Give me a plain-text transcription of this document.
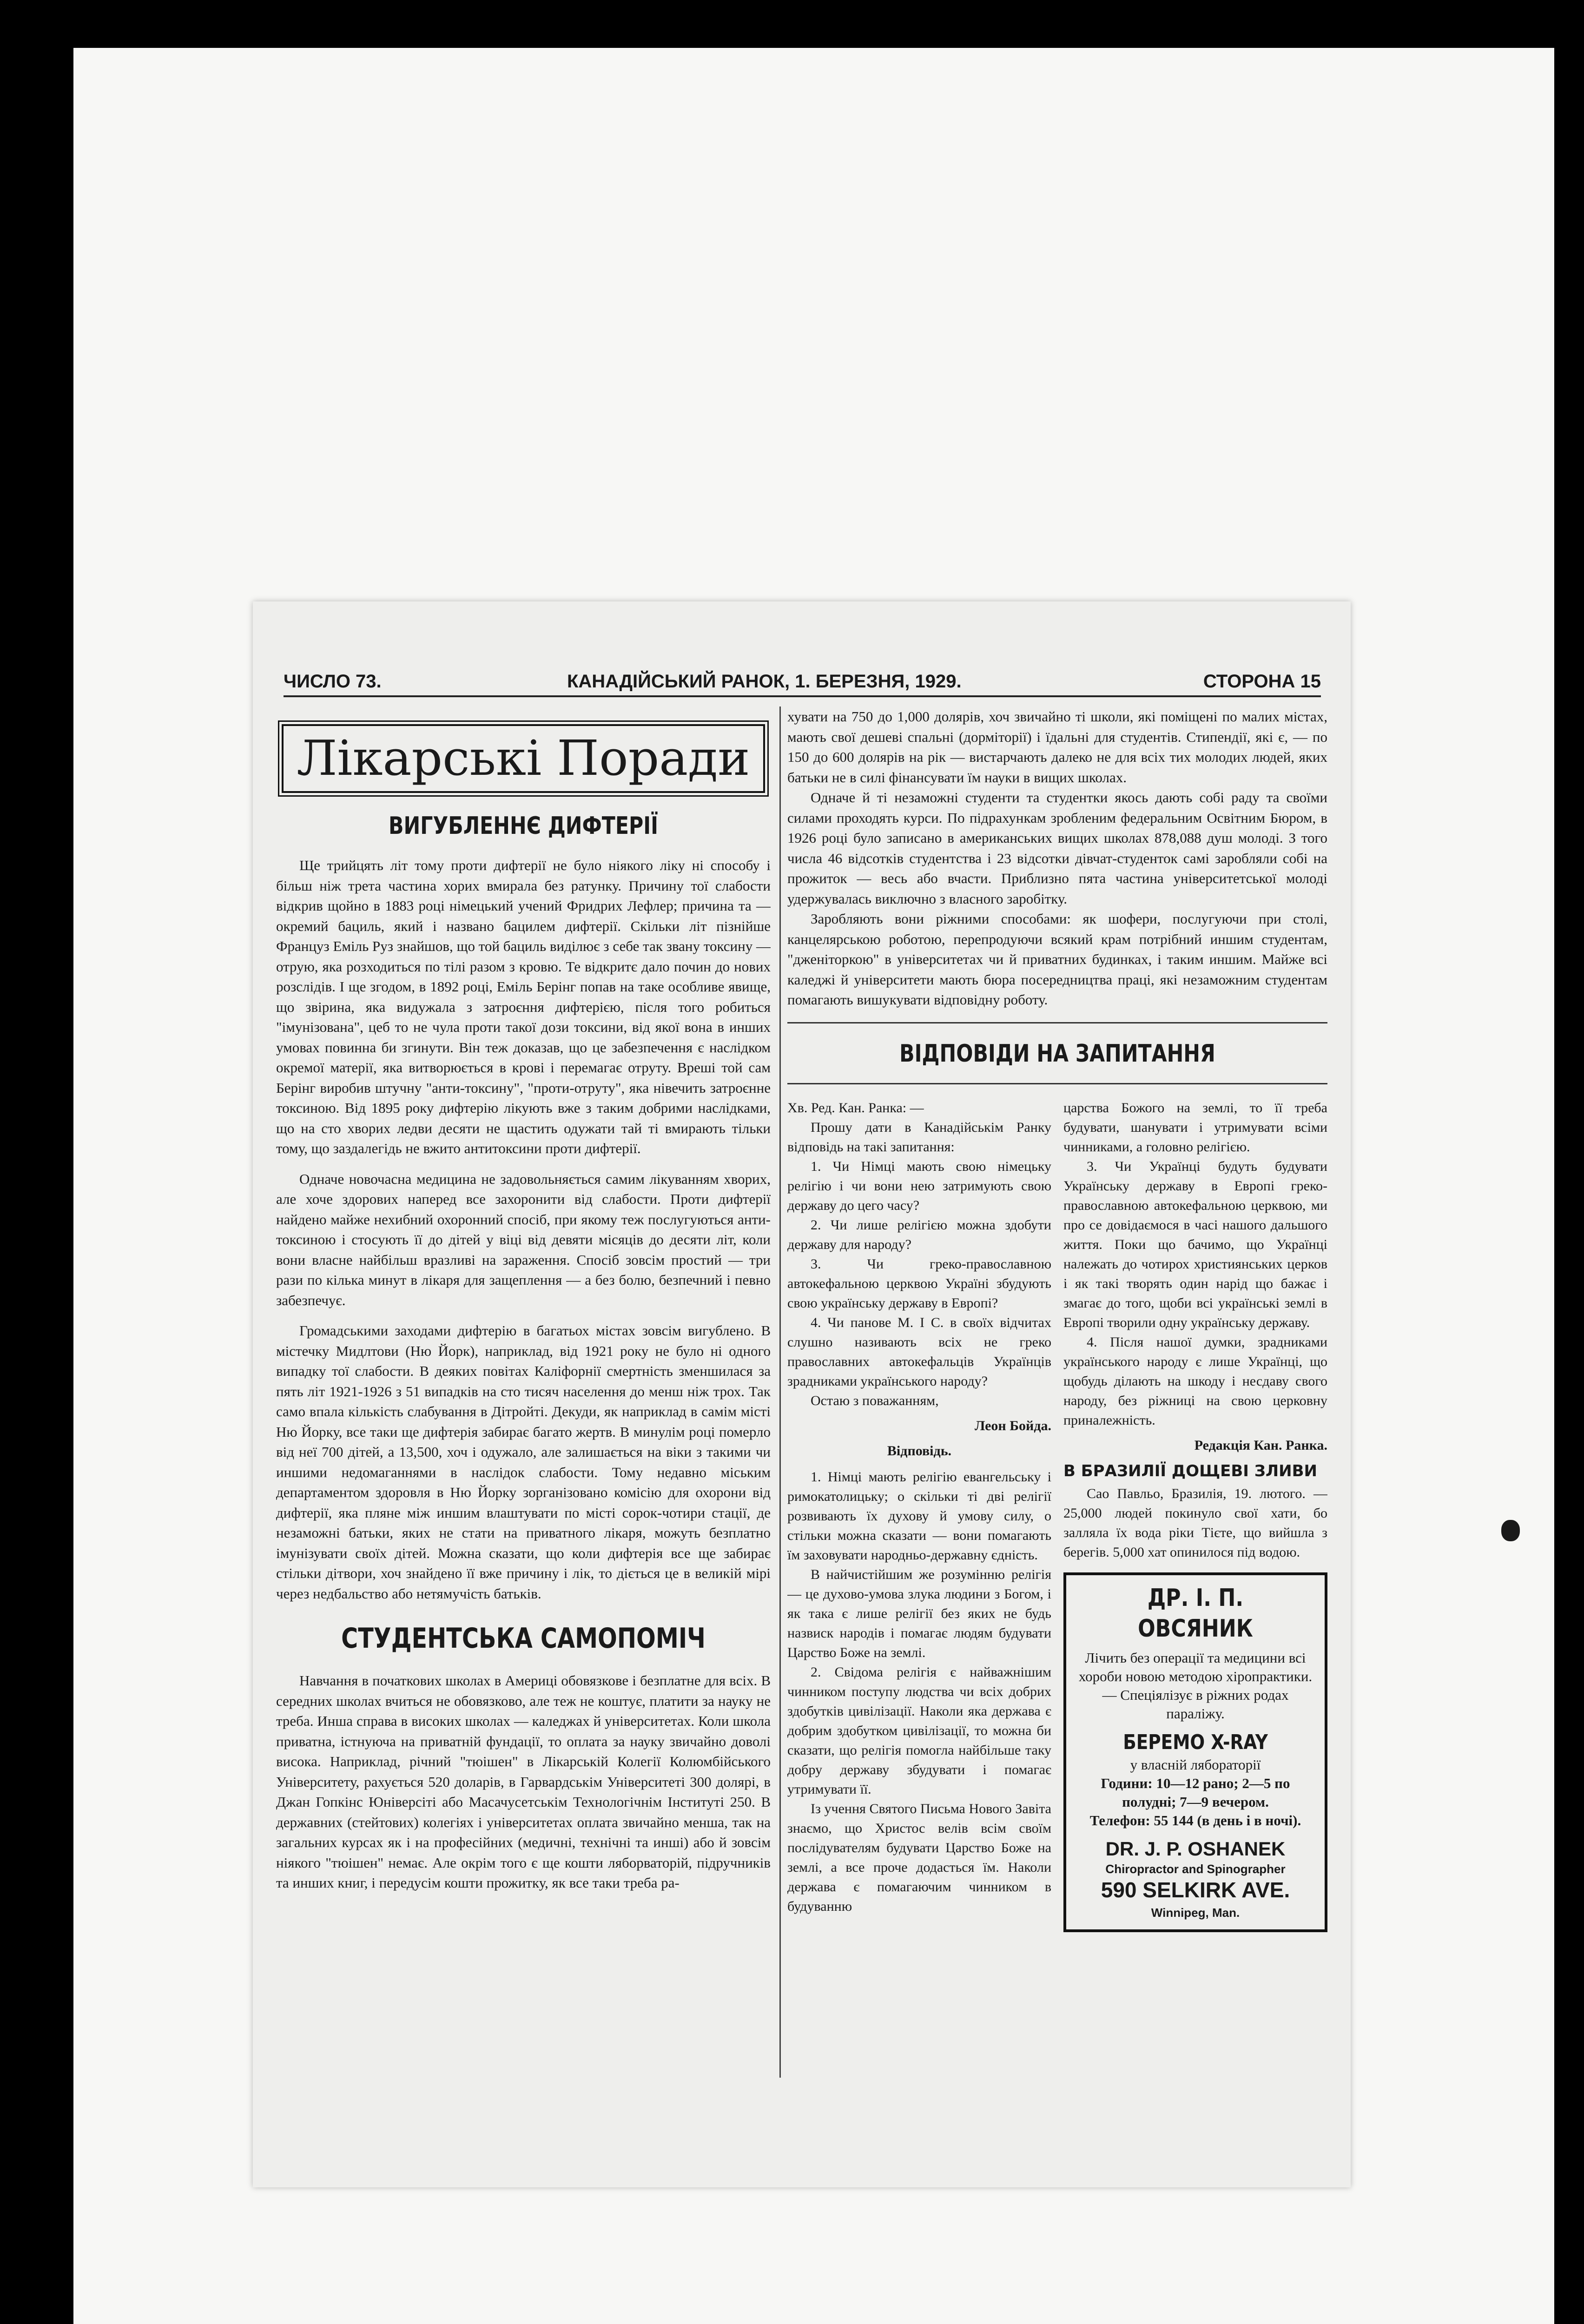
ЧИСЛО 73.	КАНАДІЙСЬКИЙ РАНОК, 1. БЕРЕЗНЯ, 1929.	СТОРОНА 15
Лікарські Поради
ВИГУБЛЕННЄ ДИФТЕРІЇ

Ще трийцять літ тому проти дифтерії не було ніякого ліку ні способу і більш ніж трета частина хорих вмирала без ратунку. Причину тої слабости відкрив щойно в 1883 році німецький учений Фридрих Лефлер; причина та — окремий бациль, який і названо бацилем дифтерії. Скільки літ пізнійше Француз Еміль Руз знайшов, що той бациль видiлює з себе так звану токсину — отрую, яка розходиться по тілі разом з кровю. Те відкритє дало почин до нових розслідів. І ще згодом, в 1892 році, Еміль Берінг попав на таке особливе явище, що звірина, яка видужала з затроєння дифтерією, після того робиться "імунізована", цеб то не чула проти такої дози токсини, від якої вона в инших умовах повинна би згинути. Він теж доказав, що це забезпечення є наслідком окремої матерії, яка витворюється в крові і перемагає отруту. Вреші той сам Берінг виробив штучну "анти-токсину", "проти-отруту", яка нівечить затроєнне токсиною. Від 1895 року дифтерію лікують вже з таким добрими наслідками, що на сто хворих ледви десяти не щастить одужати тай ті вмирають тільки тому, що заздалегідь не вжито антитоксини проти дифтерії.

Одначе новочасна медицина не задовольняється самим лікуванням хворих, але хоче здорових наперед все захоронити від слабости. Проти дифтерії найдено майже нехибний охоронний спосіб, при якому теж послугуються анти-токсиною і стосують її до дітей у віці від девяти місяців до десяти літ, коли вони власне найбільш вразливі на зараження. Спосіб зовсім простий — три рази по кілька минут в лікаря для защеплення — а без болю, безпечний і певно забезпечує.

Громадськими заходами дифтерію в багатьох містах зовсім вигублено. В містечку Мидлтови (Ню Йорк), наприклад, від 1921 року не було ні одного випадку тої слабости. В деяких повітах Каліфорнії смертність зменшилася за пять літ 1921-1926 з 51 випадків на сто тисяч населення до менш ніж трох. Так само впала кількість слабування в Дітройті. Декуди, як наприклад в самім місті Ню Йорку, все таки ще дифтерія забирає багато жертв. В минулім році померло від неї 700 дітей, а 13,500, хоч і одужало, але залишається на віки з такими чи иншими недомаганнями в наслідок слабости. Тому недавно міським департаментом здоровля в Ню Йорку зорганізовано комісію для охорони від дифтерії, яка пляне між иншим влаштувати по місті сорок-чотири стації, де незаможні батьки, яких не стати на приватного лікаря, можуть безплатно імунізувати своїх дітей. Можна сказати, що коли дифтерія все ще забирає стільки дітвори, хоч знайдено її вже причину і лік, то діється це в великій мірі через недбальство або нетямучість батьків.

СТУДЕНТСЬКА САМОПОМІЧ

Навчання в початкових школах в Америці обовязкове і безплатне для всіх. В середних школах вчиться не обовязково, але теж не коштує, платити за науку не треба. Инша справа в високих школах — каледжах й університетах. Коли школа приватна, істнуюча на приватній фундації, то оплата за науку звичайно доволі висока. Наприклад, річний "тюішен" в Лікарській Колегії Колюмбійського Університету, рахується 520 доларів, в Гарвардськім Університеті 300 долярі, в Джан Гопкінс Юніверсіті або Масачусетськім Технологічнім Інституті 250. В державних (стейтових) колегіях і університетах оплата звичайно менша, так на загальних курсах як і на професійних (медичні, технічні та инші) або й зовсім ніякого "тюішен" немає. Але окрім того є ще кошти ляборваторій, підручників та инших книг, і передусім кошти прожитку, як все таки треба ра-

хувати на 750 до 1,000 долярів, хоч звичайно ті школи, які поміщені по малих містах, мають свої дешеві спальні (дорміторії) і їдальні для студентів. Стипендії, які є, — по 150 до 600 долярів на рік — вистарчають далеко не для всіх тих молодих людей, яких батьки не в силі фінансувати їм науки в вищих школах.

Одначе й ті незаможні студенти та студентки якось дають собі раду та своїми силами проходять курси. По підрахункам зробленим федеральним Освітним Бюром, в 1926 році було записано в американських вищих школах 878,088 душ молоді. З того числа 46 відсотків студентства і 23 відсотки дівчат-студенток самі заробляли собі на прожиток — весь або вчасти. Приблизно пята частина університетської молоді удержувалась виключно з власного заробітку.

Заробляють вони ріжними способами: як шофери, послугуючи при столі, канцелярською роботою, перепродуючи всякий крам потрібний иншим студентам, "дженіторкою" в університетах чи й приватних будинках, і таким иншим. Майже всі каледжі й університети мають бюра посередництва праці, які незаможним студентам помагають вишукувати відповідну роботу.

ВІДПОВІДИ НА ЗАПИТАННЯ

Хв. Ред. Кан. Ранка: —

Прошу дати в Канадійськім Ранку відповідь на такі запитання:

1. Чи Німці мають свою німецьку релігію і чи вони нею затримують свою державу до цего часу?

2. Чи лише релігією можна здобути державу для народу?

3. Чи греко-православною автокефальною церквою Україні збудують свою українську державу в Европі?

4. Чи панове М. І С. в своїх відчитах слушно називають всіх не греко православних автокефальців Українців зрадниками українського народу?

Остаю з поважанням,

Леон Бойда.
Відповідь.

1. Німці мають релігію евангельську і римокатолицьку; о скільки ті дві релігії розвивають їх духову й умову силу, о стільки можна сказати — вони помагають їм заховувати народньо-державну єдність.

В найчистійшим же розумінню релігія — це духово-умова злука людини з Богом, і як така є лише релігії без яких не будь назвиск народів і помагає людям будувати Царство Боже на землі.

2. Свідома релігія є найважнішим чинником поступу людства чи всіх добрих здобутків цивілізації. Наколи яка держава є добрим здобутком цивілізації, то можна би сказати, що релігія помогла найбільше таку добру державу збудувати і помагає утримувати її.

Із учення Святого Письма Нового Завіта знаємо, що Христос велів всім своїм послідувателям будувати Царство Боже на землі, а все проче додасться їм. Наколи держава є помагаючим чинником в будуванню

царства Божого на землі, то її треба будувати, шанувати і утримувати всіми чинниками, а головно релігією.

3. Чи Українці будуть будувати Українську державу в Европі греко-православною автокефальною церквою, ми про се довідаємося в часі нашого дальшого життя. Поки що бачимо, що Українці належать до чотирох християнських церков і як такі творять один нарід що бажає і змагає до того, щоби всі українські землі в Европі творили одну українську державу.

4. Після нашої думки, зрадниками українського народу є лише Українці, що щобудь ділають на шкоду і несдаву свого народу, без ріжниці на свою церковну приналежність.

Редакція Кан. Ранка.
В БРАЗИЛІЇ ДОЩЕВІ ЗЛИВИ

Сао Павльо, Бразилія, 19. лютого. — 25,000 людей покинуло свої хати, бо залляла їх вода ріки Тієте, що вийшла з берегів. 5,000 хат опинилося під водою.

ДР. І. П. ОВСЯНИК
Лічить без операції та медицини всі хороби новою методою хіропрактики. — Спеціялізує в ріжних родах параліжу.
БЕРЕМО X-RAY
у власній лябораторії
Години: 10—12 рано; 2—5 по полудні; 7—9 вечером.
Телефон: 55 144 (в день і в ночі).
DR. J. P. OSHANEK
Chiropractor and Spinographer
590 SELKIRK AVE.
Winnipeg, Man.
